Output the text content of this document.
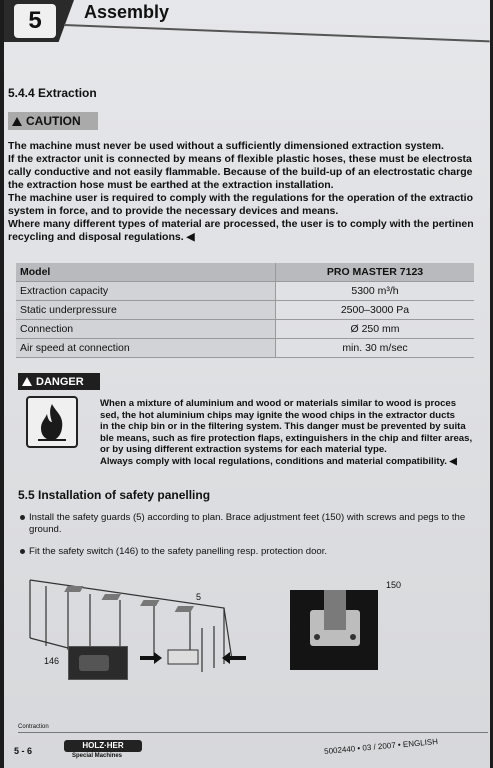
5	Assembly
5.4.4 Extraction
CAUTION

The machine must never be used without a sufficiently dimensioned extraction system.

If the extractor unit is connected by means of flexible plastic hoses, these must be electrosta

cally conductive and not easily flammable. Because of the build-up of an electrostatic charge

the extraction hose must be earthed at the extraction installation.

The machine user is required to comply with the regulations for the operation of the extractio

system in force, and to provide the necessary devices and means.

Where many different types of material are processed, the user is to comply with the pertinen

recycling and disposal regulations. ◀

Model	PRO MASTER 7123
Extraction capacity	5300 m³/h
Static underpressure	2500–3000 Pa
Connection	Ø 250 mm
Air speed at connection	min. 30 m/sec
DANGER

When a mixture of aluminium and wood or materials similar to wood is proces

sed, the hot aluminium chips may ignite the wood chips in the extractor ducts

in the chip bin or in the filtering system. This danger must be prevented by suita

ble means, such as fire protection flaps, extinguishers in the chip and filter areas,

or by using different extraction systems for each material type.

Always comply with local regulations, conditions and material compatibility. ◀

5.5 Installation of safety panelling
Install the safety guards (5) according to plan. Brace adjustment feet (150) with screws and pegs to the
ground.
Fit the safety switch (146) to the safety panelling resp. protection door.
5
146
150
Contraction
5 - 6
HOLZ·HER
Special Machines
5002440 • 03 / 2007 • ENGLISH
